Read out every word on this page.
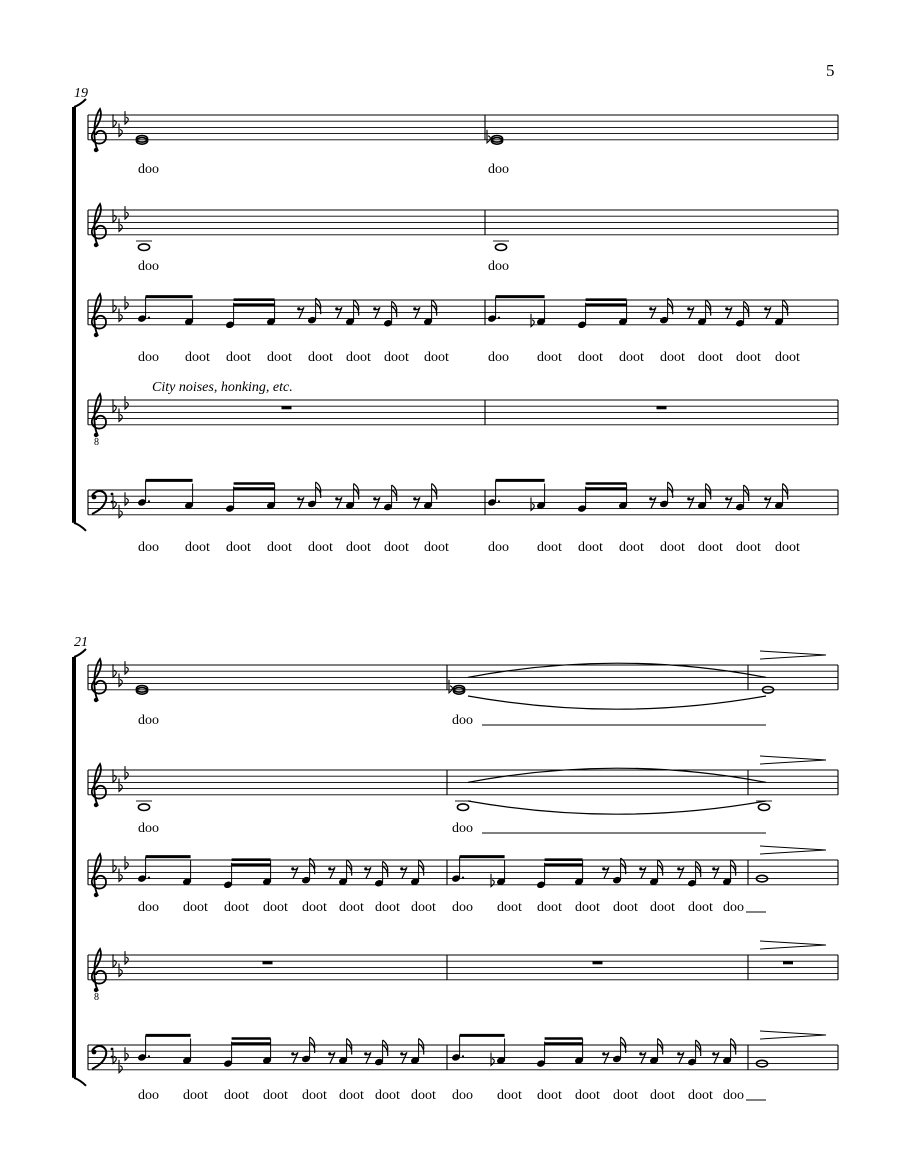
5
19
doo	doo
doo	doo
doo doot doot doot doot doot doot doot	doo doot doot doot doot doot doot doot
8
doo doot doot doot doot doot doot doot	doo doot doot doot doot doot doot doot
City noises, honking, etc.
21
doo	doo
doo	doo
doo doot doot doot doot doot doot doot doo doot doot doot doot doot doot doo
8
doo doot doot doot doot doot doot doot doo doot doot doot doot doot doot doo
